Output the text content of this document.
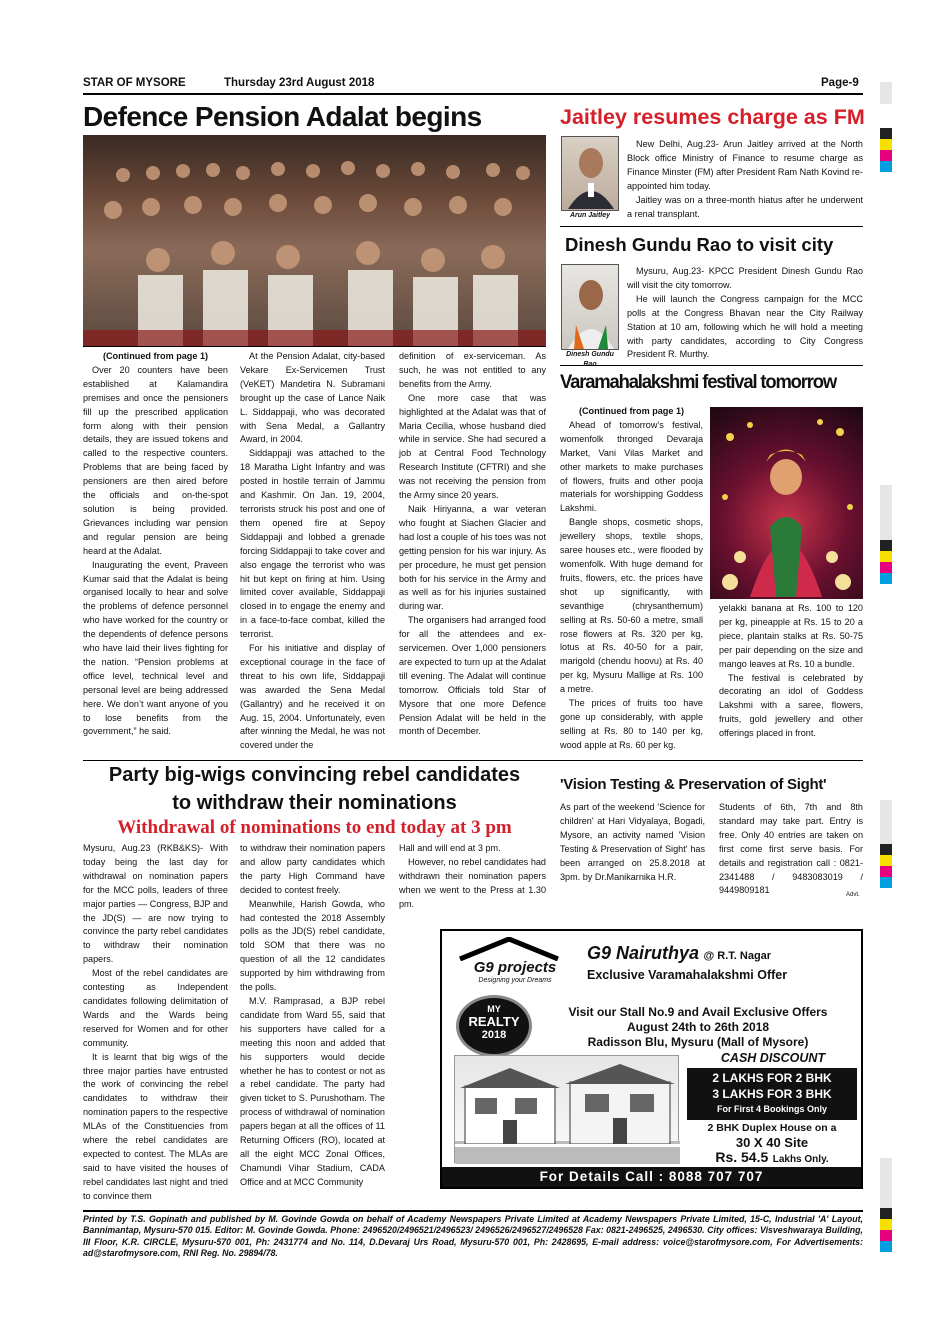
STAR OF MYSORE	Thursday 23rd August 2018	Page-9
Defence Pension Adalat begins
(Continued from page 1)

Over 20 counters have been established at Kalamandira premises and once the pensioners fill up the prescribed application form along with their pension details, they are issued tokens and called to the respective counters. Problems that are being faced by pensioners are then aired before the officials and on-the-spot solution is being provided. Grievances including war pension and regular pension are being heard at the Adalat.

Inaugurating the event, Praveen Kumar said that the Adalat is being organised locally to hear and solve the problems of defence personnel who have worked for the country or the dependents of defence persons who have laid their lives fighting for the nation. “Pension problems at office level, technical level and personal level are being addressed here. We don’t want anyone of you to lose benefits from the government,” he said.

At the Pension Adalat, city-based Vekare Ex-Servicemen Trust (VeKET) Mandetira N. Subramani brought up the case of Lance Naik L. Siddappaji, who was decorated with Sena Medal, a Gallantry Award, in 2004.

Siddappaji was attached to the 18 Maratha Light Infantry and was posted in hostile terrain of Jammu and Kashmir. On Jan. 19, 2004, terrorists struck his post and one of them opened fire at Sepoy Siddappaji and lobbed a grenade forcing Siddappaji to take cover and also engage the terrorist who was hit but kept on firing at him. Using limited cover available, Siddappaji closed in to engage the enemy and in a face-to-face combat, killed the terrorist.

For his initiative and display of exceptional courage in the face of threat to his own life, Siddappaji was awarded the Sena Medal (Gallantry) and he received it on Aug. 15, 2004. Unfortunately, even after winning the Medal, he was not covered under the

definition of ex-serviceman. As such, he was not entitled to any benefits from the Army.

One more case that was highlighted at the Adalat was that of Maria Cecilia, whose husband died while in service. She had secured a job at Central Food Technology Research Institute (CFTRI) and she was not receiving the pension from the Army since 20 years.

Naik Hiriyanna, a war veteran who fought at Siachen Glacier and had lost a couple of his toes was not getting pension for his war injury. As per procedure, he must get pension both for his service in the Army and as well as for his injuries sustained during war.

The organisers had arranged food for all the attendees and ex-servicemen. Over 1,000 pensioners are expected to turn up at the Adalat till evening. The Adalat will continue tomorrow. Officials told Star of Mysore that one more Defence Pension Adalat will be held in the month of December.

Jaitley resumes charge as FM
Arun Jaitley

New Delhi, Aug.23- Arun Jaitley arrived at the North Block office Ministry of Finance to resume charge as Finance Minster (FM) after President Ram Nath Kovind re-appointed him today.

Jaitley was on a three-month hiatus after he underwent a renal transplant.

Dinesh Gundu Rao to visit city
Dinesh Gundu

Mysuru, Aug.23- KPCC President Dinesh Gundu Rao will visit the city tomorrow.

He will launch the Congress campaign for the MCC polls at the Congress Bhavan near the City Railway Station at 10 am, following which he will hold a meeting with party candidates, according to City Congress President R. Murthy.

Varamahalakshmi festival tomorrow
(Continued from page 1)

Ahead of tomorrow’s festival, womenfolk thronged Devaraja Market, Vani Vilas Market and other markets to make purchases of flowers, fruits and other pooja materials for worshipping Goddess Lakshmi.

Bangle shops, cosmetic shops, jewellery shops, textile shops, saree houses etc., were flooded by womenfolk. With huge demand for fruits, flowers, etc. the prices have shot up significantly, with sevanthige (chrysanthemum) selling at Rs. 50-60 a metre, small rose flowers at Rs. 320 per kg, lotus at Rs. 40-50 for a pair, marigold (chendu hoovu) at Rs. 40 per kg, Mysuru Mallige at Rs. 100 a metre.

The prices of fruits too have gone up considerably, with apple selling at Rs. 80 to 140 per kg, wood apple at Rs. 60 per kg.

yelakki banana at Rs. 100 to 120 per kg, pineapple at Rs. 15 to 20 a piece, plantain stalks at Rs. 50-75 per pair depending on the size and mango leaves at Rs. 10 a bundle.

The festival is celebrated by decorating an idol of Goddess Lakshmi with a saree, flowers, fruits, gold jewellery and other offerings placed in front.

Party big-wigs convincing rebel candidates
to withdraw their nominations
Withdrawal of nominations to end today at 3 pm

Mysuru, Aug.23 (RKB&KS)- With today being the last day for withdrawal on nomination papers for the MCC polls, leaders of three major parties — Congress, BJP and the JD(S) — are now trying to convince the party rebel candidates to withdraw their nomination papers.

Most of the rebel candidates are contesting as Independent candidates following delimitation of Wards and the Wards being reserved for Women and for other community.

It is learnt that big wigs of the three major parties have entrusted the work of convincing the rebel candidates to withdraw their nomination papers to the respective MLAs of the Constituencies from where the rebel candidates are expected to contest. The MLAs are said to have visited the houses of rebel candidates last night and tried to convince them

to withdraw their nomination papers and allow party candidates which the party High Command have decided to contest freely.

Meanwhile, Harish Gowda, who had contested the 2018 Assembly polls as the JD(S) rebel candidate, told SOM that there was no question of all the 12 candidates supported by him withdrawing from the polls.

M.V. Ramprasad, a BJP rebel candidate from Ward 55, said that his supporters have called for a meeting this noon and added that his supporters would decide whether he has to contest or not as a rebel candidate. The party had given ticket to S. Purushotham. The process of withdrawal of nomination papers began at all the offices of 11 Returning Officers (RO), located at all the eight MCC Zonal Offices, Chamundi Vihar Stadium, CADA Office and at MCC Community

Hall and will end at 3 pm.

However, no rebel candidates had withdrawn their nomination papers when we went to the Press at 1.30 pm.

'Vision Testing & Preservation of Sight'
As part of the weekend 'Science for children' at Hari Vidyalaya, Bogadi, Mysore, an activity named 'Vision Testing & Preservation of Sight' has been arranged on 25.8.2018 at 3pm. by Dr.Manikarnika H.R.
Students of 6th, 7th and 8th standard may take part. Entry is free. Only 40 entries are taken on first come first serve basis. For details and registration call : 0821-2341488 / 9483083019 / 9449809181	Advt.
G9 projects
Designing your Dreams
G9 Nairuthya @ R.T. Nagar
Exclusive Varamahalakshmi Offer
MY
REALTY
2018
Visit our Stall No.9 and Avail Exclusive Offers
August 24th to 26th 2018
Radisson Blu, Mysuru (Mall of Mysore)
CASH DISCOUNT
2 LAKHS FOR 2 BHK
3 LAKHS FOR 3 BHK
For First 4 Bookings Only
2 BHK Duplex House on a
30 X 40 Site
Rs. 54.5 Lakhs Only.
For Details Call : 8088 707 707
Printed by T.S. Gopinath and published by M. Govinde Gowda on behalf of Academy Newspapers Private Limited at Academy Newspapers Private Limited, 15-C, Industrial 'A' Layout, Bannimantap, Mysuru-570 015. Editor: M. Govinde Gowda. Phone: 2496520/2496521/2496523/ 2496526/2496527/2496528 Fax: 0821-2496525, 2496530. City offices: Visveshwaraya Building, III Floor, K.R. CIRCLE, Mysuru-570 001, Ph: 2431774 and No. 114, D.Devaraj Urs Road, Mysuru-570 001, Ph: 2428695, E-mail address: voice@starofmysore.com, For Advertisements: ad@starofmysore.com, RNI Reg. No. 29894/78.
